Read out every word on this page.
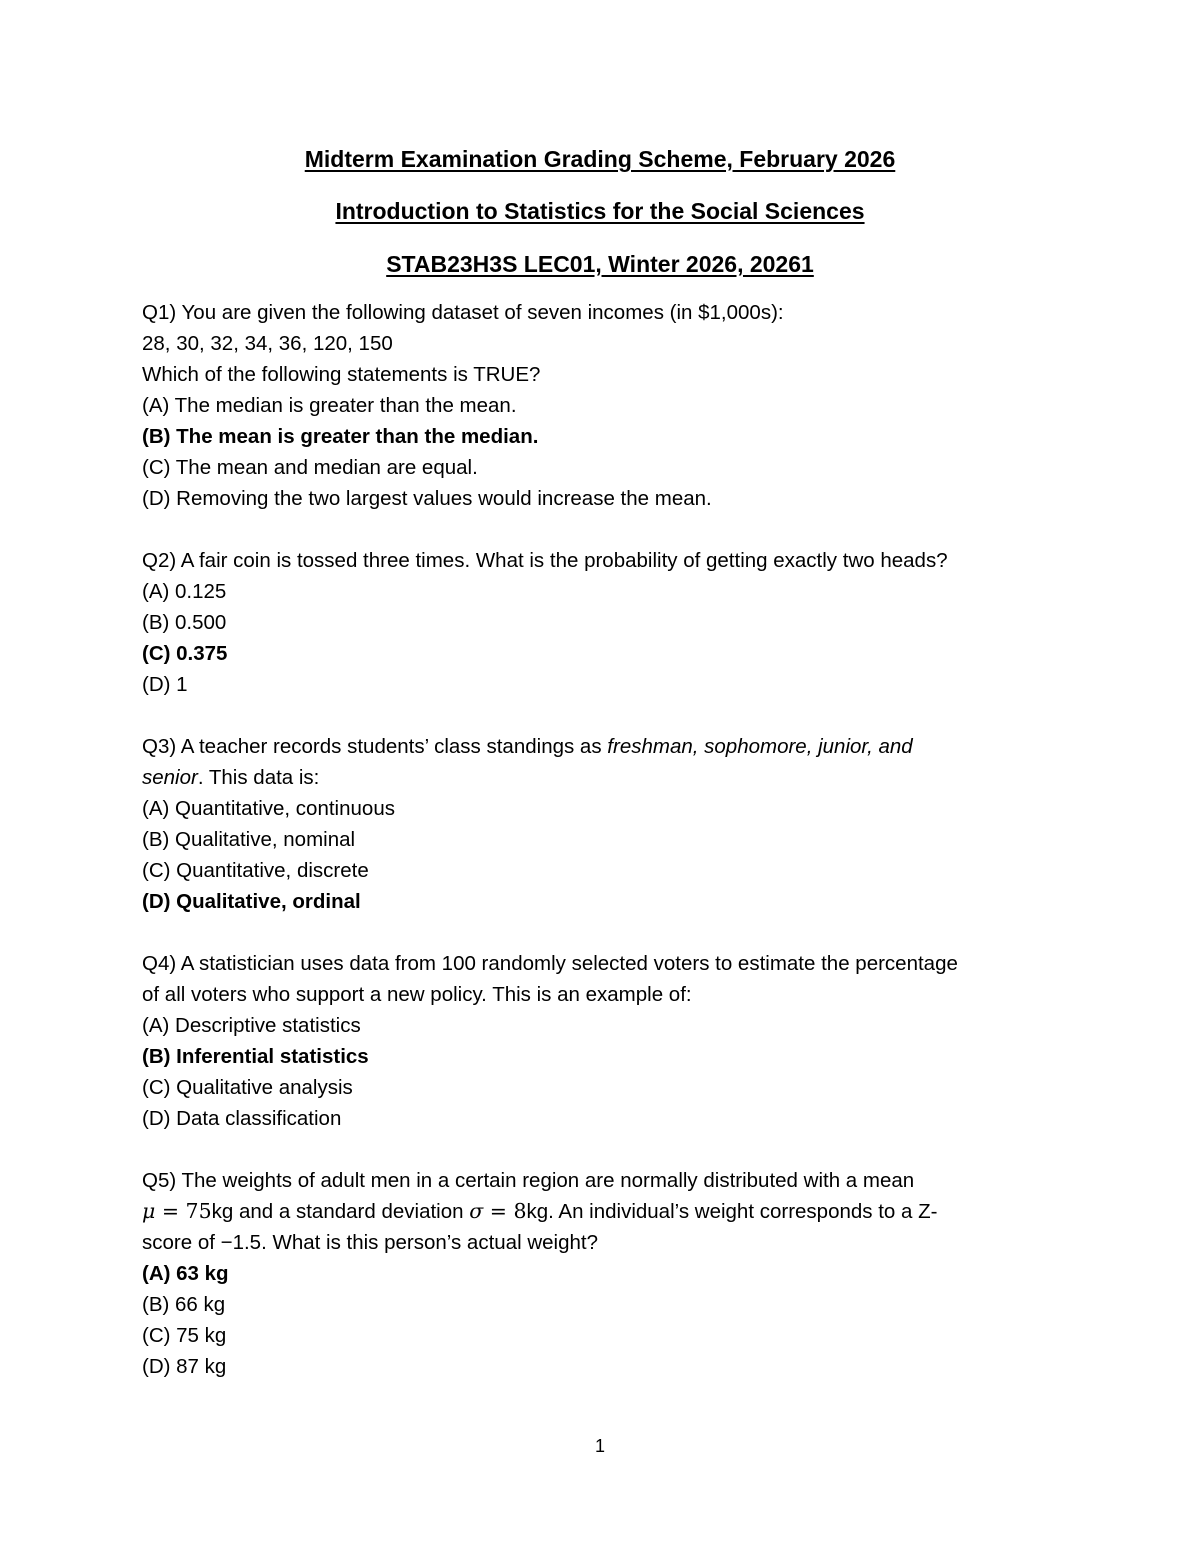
Midterm Examination Grading Scheme, February 2026
Introduction to Statistics for the Social Sciences
STAB23H3S LEC01, Winter 2026, 20261
Q1) You are given the following dataset of seven incomes (in $1,000s):
28, 30, 32, 34, 36, 120, 150
Which of the following statements is TRUE?
(A) The median is greater than the mean.
(B) The mean is greater than the median.
(C) The mean and median are equal.
(D) Removing the two largest values would increase the mean.
Q2) A fair coin is tossed three times. What is the probability of getting exactly two heads?
(A) 0.125
(B) 0.500
(C) 0.375
(D) 1
Q3) A teacher records students’ class standings as freshman, sophomore, junior, and
senior. This data is:
(A) Quantitative, continuous
(B) Qualitative, nominal
(C) Quantitative, discrete
(D) Qualitative, ordinal
Q4) A statistician uses data from 100 randomly selected voters to estimate the percentage
of all voters who support a new policy. This is an example of:
(A) Descriptive statistics
(B) Inferential statistics
(C) Qualitative analysis
(D) Data classification
Q5) The weights of adult men in a certain region are normally distributed with a mean
μ = 75kg and a standard deviation σ = 8kg. An individual’s weight corresponds to a Z-
score of −1.5. What is this person’s actual weight?
(A) 63 kg
(B) 66 kg
(C) 75 kg
(D) 87 kg
1
